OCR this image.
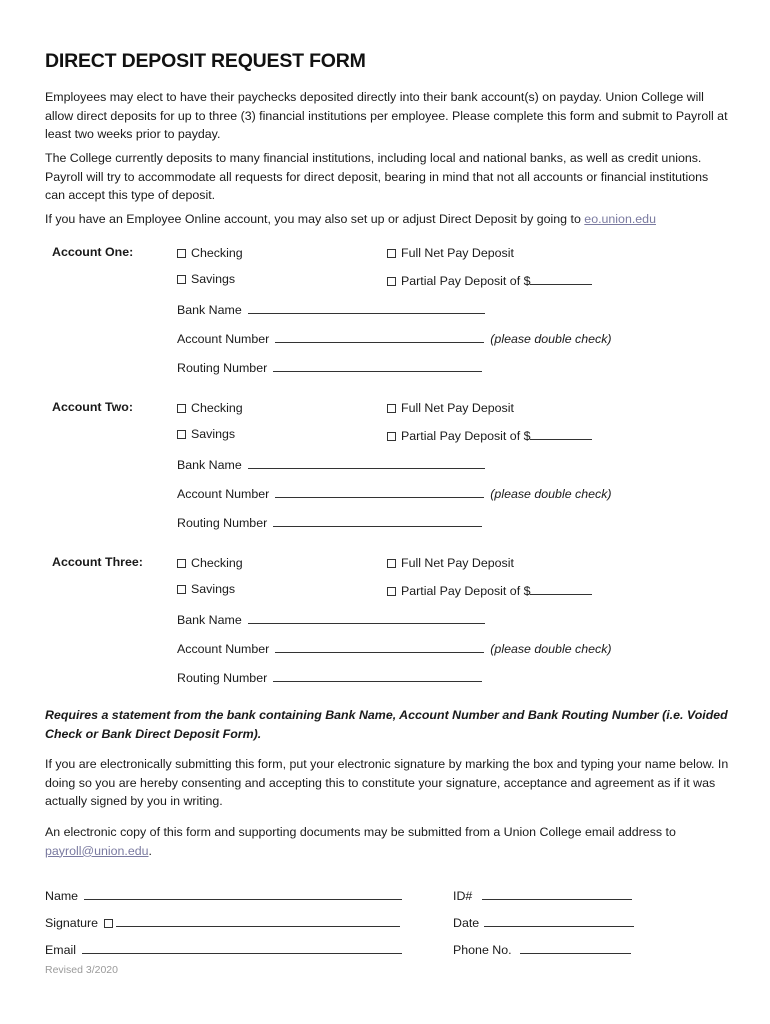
DIRECT DEPOSIT REQUEST FORM

Employees may elect to have their paychecks deposited directly into their bank account(s) on payday. Union College will allow direct deposits for up to three (3) financial institutions per employee. Please complete this form and submit to Payroll at least two weeks prior to payday.

The College currently deposits to many financial institutions, including local and national banks, as well as credit unions. Payroll will try to accommodate all requests for direct deposit, bearing in mind that not all accounts or financial institutions can accept this type of deposit.

If you have an Employee Online account, you may also set up or adjust Direct Deposit by going to eo.union.edu

Account One:	Checking	Full Net Pay Deposit
Savings	Partial Pay Deposit of $
Bank Name
Account Number	(please double check)
Routing Number
Account Two:	Checking	Full Net Pay Deposit
Savings	Partial Pay Deposit of $
Bank Name
Account Number	(please double check)
Routing Number
Account Three:	Checking	Full Net Pay Deposit
Savings	Partial Pay Deposit of $
Bank Name
Account Number	(please double check)
Routing Number

Requires a statement from the bank containing Bank Name, Account Number and Bank Routing Number (i.e. Voided Check or Bank Direct Deposit Form).

If you are electronically submitting this form, put your electronic signature by marking the box and typing your name below. In doing so you are hereby consenting and accepting this to constitute your signature, acceptance and agreement as if it was actually signed by you in writing.

An electronic copy of this form and supporting documents may be submitted from a Union College email address to payroll@union.edu.

Name	ID#
Signature	Date
Email	Phone No.
Revised 3/2020
